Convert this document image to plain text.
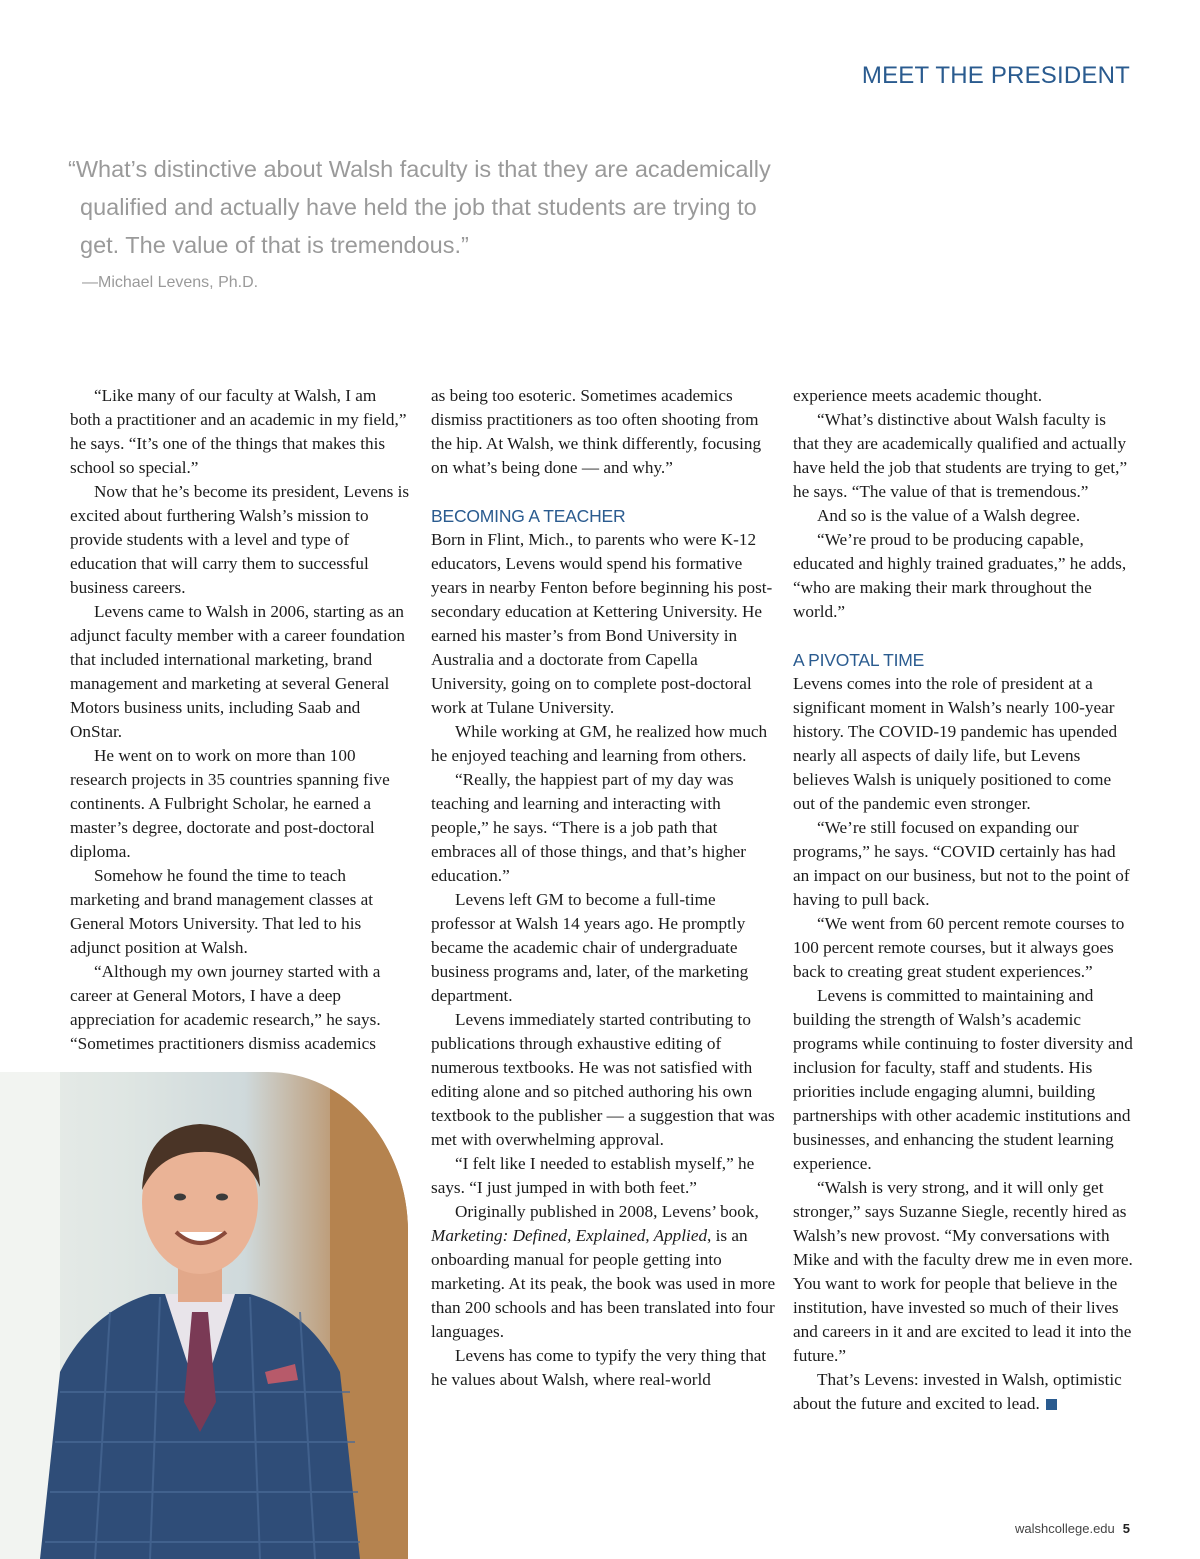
MEET THE PRESIDENT
“What’s distinctive about Walsh faculty is that they are academically
qualified and actually have held the job that students are trying to
get. The value of that is tremendous.”
—Michael Levens, Ph.D.

“Like many of our faculty at Walsh, I am both a practitioner and an academic in my field,” he says. “It’s one of the things that makes this school so special.”

Now that he’s become its president, Levens is excited about furthering Walsh’s mission to provide students with a level and type of education that will carry them to successful business careers.

Levens came to Walsh in 2006, starting as an adjunct faculty member with a career foundation that included international marketing, brand management and marketing at several General Motors business units, including Saab and OnStar.

He went on to work on more than 100 research projects in 35 countries spanning five continents. A Fulbright Scholar, he earned a master’s degree, doctorate and post-doctoral diploma.

Somehow he found the time to teach marketing and brand management classes at General Motors University. That led to his adjunct position at Walsh.

“Although my own journey started with a career at General Motors, I have a deep appreciation for academic research,” he says. “Sometimes practitioners dismiss academics

as being too esoteric. Sometimes academics dismiss practitioners as too often shooting from the hip. At Walsh, we think differently, focusing on what’s being done — and why.”

BECOMING A TEACHER

Born in Flint, Mich., to parents who were K-12 educators, Levens would spend his formative years in nearby Fenton before beginning his post-secondary education at Kettering University. He earned his master’s from Bond University in Australia and a doctorate from Capella University, going on to complete post-doctoral work at Tulane University.

While working at GM, he realized how much he enjoyed teaching and learning from others.

“Really, the happiest part of my day was teaching and learning and interacting with people,” he says. “There is a job path that embraces all of those things, and that’s higher education.”

Levens left GM to become a full-time professor at Walsh 14 years ago. He promptly became the academic chair of undergraduate business programs and, later, of the marketing department.

Levens immediately started contributing to publications through exhaustive editing of numerous textbooks. He was not satisfied with editing alone and so pitched authoring his own textbook to the publisher — a suggestion that was met with overwhelming approval.

“I felt like I needed to establish myself,” he says. “I just jumped in with both feet.”

Originally published in 2008, Levens’ book, Marketing: Defined, Explained, Applied, is an onboarding manual for people getting into marketing. At its peak, the book was used in more than 200 schools and has been translated into four languages.

Levens has come to typify the very thing that he values about Walsh, where real-world

experience meets academic thought.

“What’s distinctive about Walsh faculty is that they are academically qualified and actually have held the job that students are trying to get,” he says. “The value of that is tremendous.”

And so is the value of a Walsh degree.

“We’re proud to be producing capable, educated and highly trained graduates,” he adds, “who are making their mark throughout the world.”

A PIVOTAL TIME

Levens comes into the role of president at a significant moment in Walsh’s nearly 100-year history. The COVID-19 pandemic has upended nearly all aspects of daily life, but Levens believes Walsh is uniquely positioned to come out of the pandemic even stronger.

“We’re still focused on expanding our programs,” he says. “COVID certainly has had an impact on our business, but not to the point of having to pull back.

“We went from 60 percent remote courses to 100 percent remote courses, but it always goes back to creating great student experiences.”

Levens is committed to maintaining and building the strength of Walsh’s academic programs while continuing to foster diversity and inclusion for faculty, staff and students. His priorities include engaging alumni, building partnerships with other academic institutions and businesses, and enhancing the student learning experience.

“Walsh is very strong, and it will only get stronger,” says Suzanne Siegle, recently hired as Walsh’s new provost. “My conversations with Mike and with the faculty drew me in even more. You want to work for people that believe in the institution, have invested so much of their lives and careers in it and are excited to lead it into the future.”

That’s Levens: invested in Walsh, optimistic about the future and excited to lead.

walshcollege.edu 5
